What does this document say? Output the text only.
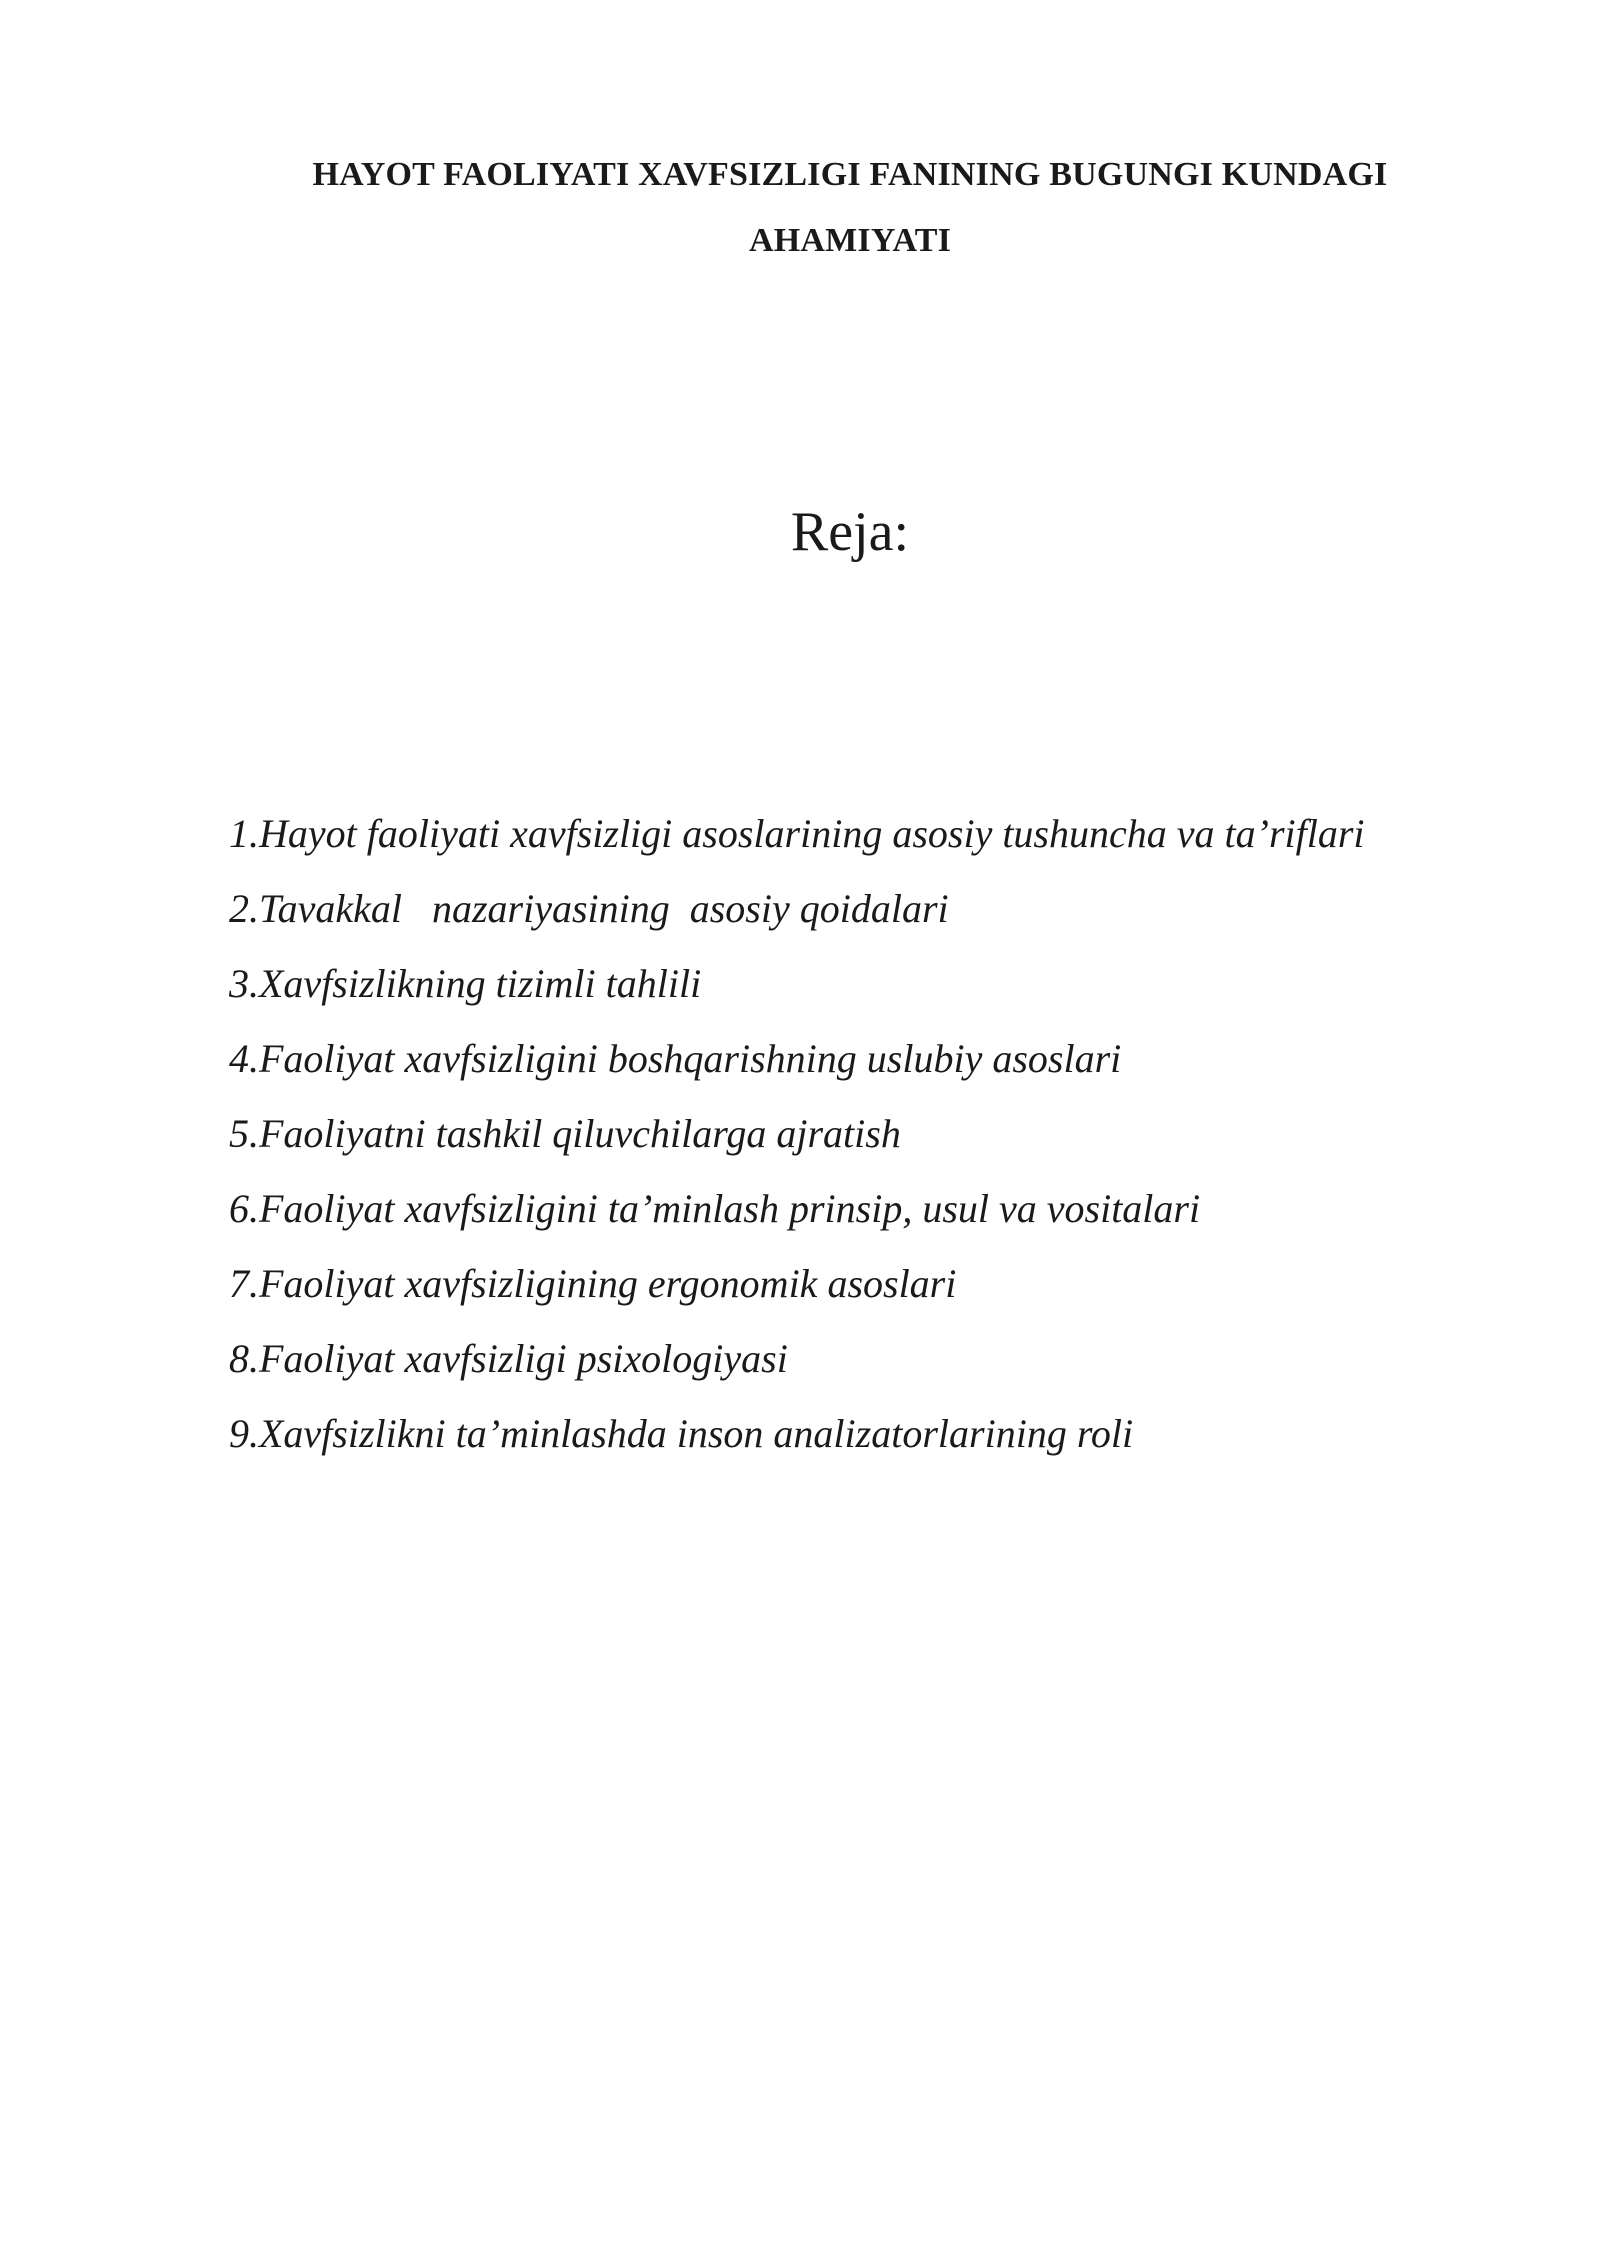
HAYOT FAOLIYATI XAVFSIZLIGI FANINING BUGUNGI KUNDAGI
AHAMIYATI
Reja:
1.Hayot faoliyati xavfsizligi asoslarining asosiy tushuncha va ta’riflari
2.Tavakkal   nazariyasining  asosiy qoidalari
3.Xavfsizlikning tizimli tahlili
4.Faoliyat xavfsizligini boshqarishning uslubiy asoslari
5.Faoliyatni tashkil qiluvchilarga ajratish
6.Faoliyat xavfsizligini ta’minlash prinsip, usul va vositalari
7.Faoliyat xavfsizligining ergonomik asoslari
8.Faoliyat xavfsizligi psixologiyasi
9.Xavfsizlikni ta’minlashda inson analizatorlarining roli
